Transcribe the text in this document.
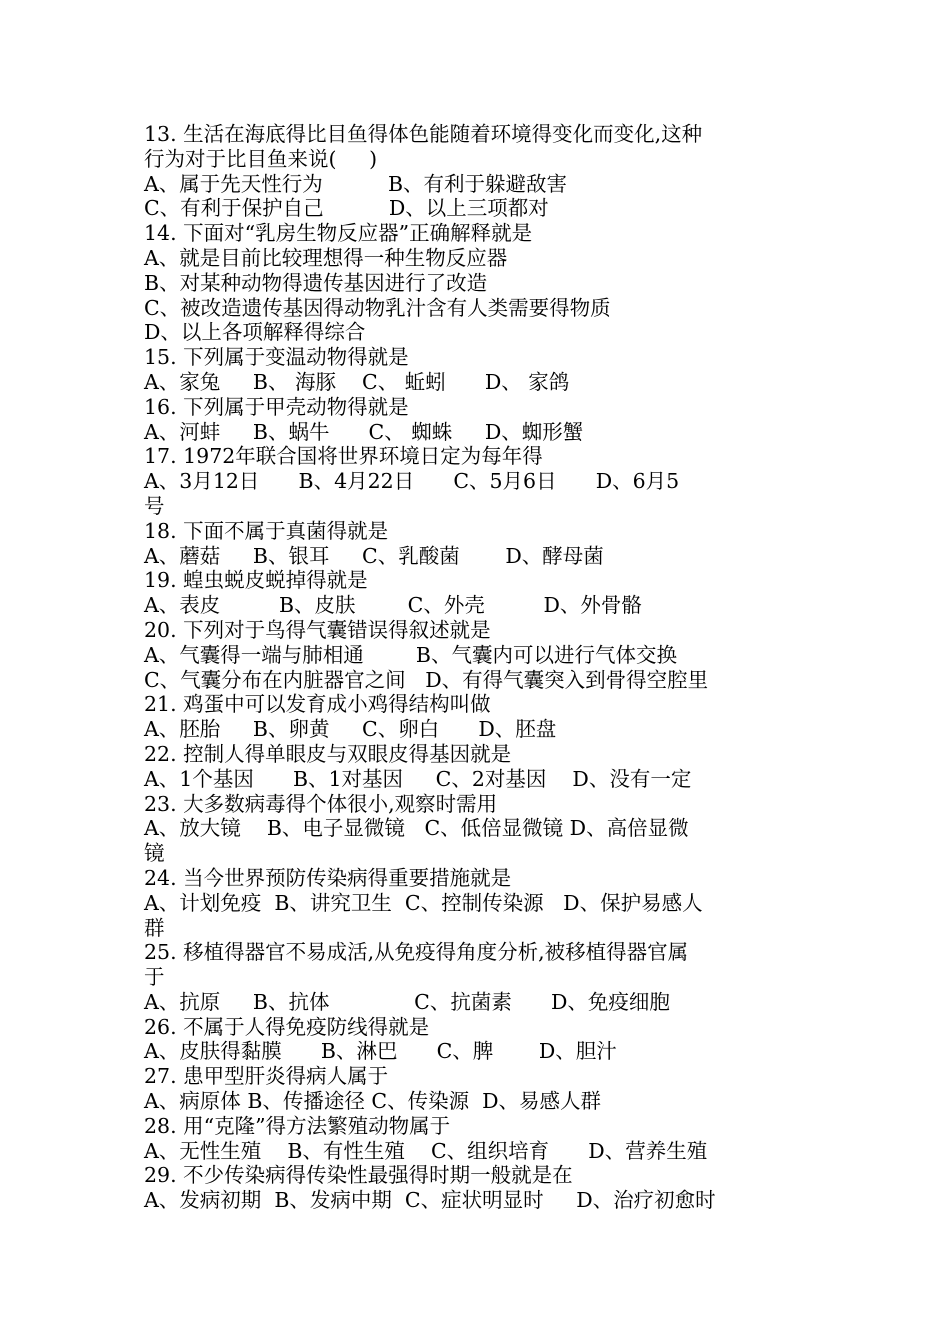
13. 生活在海底得比目鱼得体色能随着环境得变化而变化,这种

行为对于比目鱼来说(     )

A、属于先天性行为          B、有利于躲避敌害

C、有利于保护自己          D、以上三项都对

14. 下面对“乳房生物反应器”正确解释就是

A、就是目前比较理想得一种生物反应器

B、对某种动物得遗传基因进行了改造

C、被改造遗传基因得动物乳汁含有人类需要得物质

D、以上各项解释得综合

15. 下列属于变温动物得就是

A、家兔     B、 海豚    C、 蚯蚓      D、 家鸽

16. 下列属于甲壳动物得就是

A、河蚌     B、蜗牛      C、 蜘蛛     D、蜘形蟹

17. 1972年联合国将世界环境日定为每年得

A、3月12日      B、4月22日      C、5月6日      D、6月5

号

18. 下面不属于真菌得就是

A、蘑菇     B、银耳     C、乳酸菌       D、酵母菌

19. 蝗虫蜕皮蜕掉得就是

A、表皮         B、皮肤        C、外壳         D、外骨骼

20. 下列对于鸟得气囊错误得叙述就是

A、气囊得一端与肺相通        B、气囊内可以进行气体交换

C、气囊分布在内脏器官之间   D、有得气囊突入到骨得空腔里

21. 鸡蛋中可以发育成小鸡得结构叫做

A、胚胎     B、卵黄     C、卵白      D、胚盘

22. 控制人得单眼皮与双眼皮得基因就是

A、1个基因      B、1对基因     C、2对基因    D、没有一定

23. 大多数病毒得个体很小,观察时需用

A、放大镜    B、电子显微镜   C、低倍显微镜 D、高倍显微

镜

24. 当今世界预防传染病得重要措施就是

A、计划免疫  B、讲究卫生  C、控制传染源   D、保护易感人

群

25. 移植得器官不易成活,从免疫得角度分析,被移植得器官属

于

A、抗原     B、抗体             C、抗菌素      D、免疫细胞

26. 不属于人得免疫防线得就是

A、皮肤得黏膜      B、淋巴      C、脾       D、胆汁

27. 患甲型肝炎得病人属于

A、病原体 B、传播途径 C、传染源  D、易感人群

28. 用“克隆”得方法繁殖动物属于

A、无性生殖    B、有性生殖    C、组织培育      D、营养生殖

29. 不少传染病得传染性最强得时期一般就是在

A、发病初期  B、发病中期  C、症状明显时     D、治疗初愈时
